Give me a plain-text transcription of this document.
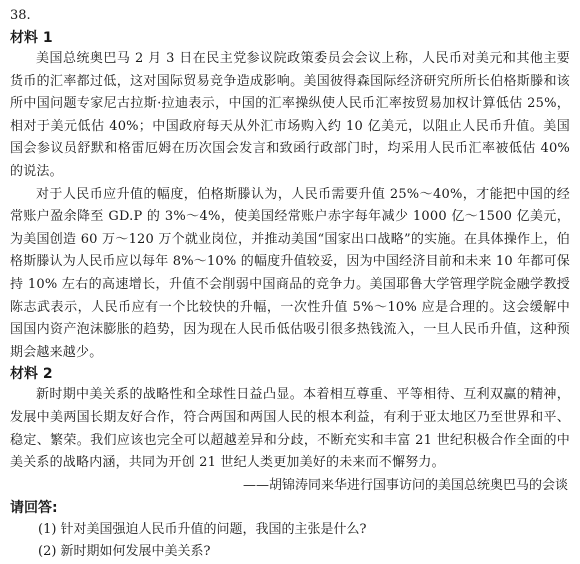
38.

材料 1

美国总统奥巴马 2 月 3 日在民主党参议院政策委员会会议上称，人民币对美元和其他主要货币的汇率都过低，这对国际贸易竞争造成影响。美国彼得森国际经济研究所所长伯格斯滕和该所中国问题专家尼古拉斯·拉迪表示，中国的汇率操纵使人民币汇率按贸易加权计算低估 25%，相对于美元低估 40%；中国政府每天从外汇市场购入约 10 亿美元，以阻止人民币升值。美国国会参议员舒默和格雷厄姆在历次国会发言和致函行政部门时，均采用人民币汇率被低估 40% 的说法。

对于人民币应升值的幅度，伯格斯滕认为，人民币需要升值 25%～40%，才能把中国的经常账户盈余降至 GD.P 的 3%～4%，使美国经常账户赤字每年减少 1000 亿～1500 亿美元，为美国创造 60 万～120 万个就业岗位，并推动美国“国家出口战略”的实施。在具体操作上，伯格斯滕认为人民币应以每年 8%～10% 的幅度升值较妥，因为中国经济目前和未来 10 年都可保持 10% 左右的高速增长，升值不会削弱中国商品的竞争力。美国耶鲁大学管理学院金融学教授陈志武表示，人民币应有一个比较快的升幅，一次性升值 5%～10% 应是合理的。这会缓解中国国内资产泡沫膨胀的趋势，因为现在人民币低估吸引很多热钱流入，一旦人民币升值，这种预期会越来越少。

材料 2

新时期中美关系的战略性和全球性日益凸显。本着相互尊重、平等相待、互利双赢的精神，发展中美两国长期友好合作，符合两国和两国人民的根本利益，有利于亚太地区乃至世界和平、稳定、繁荣。我们应该也完全可以超越差异和分歧，不断充实和丰富 21 世纪积极合作全面的中美关系的战略内涵，共同为开创 21 世纪人类更加美好的未来而不懈努力。

——胡锦涛同来华进行国事访问的美国总统奥巴马的会谈

请回答:

(1) 针对美国强迫人民币升值的问题，我国的主张是什么?

(2) 新时期如何发展中美关系?
